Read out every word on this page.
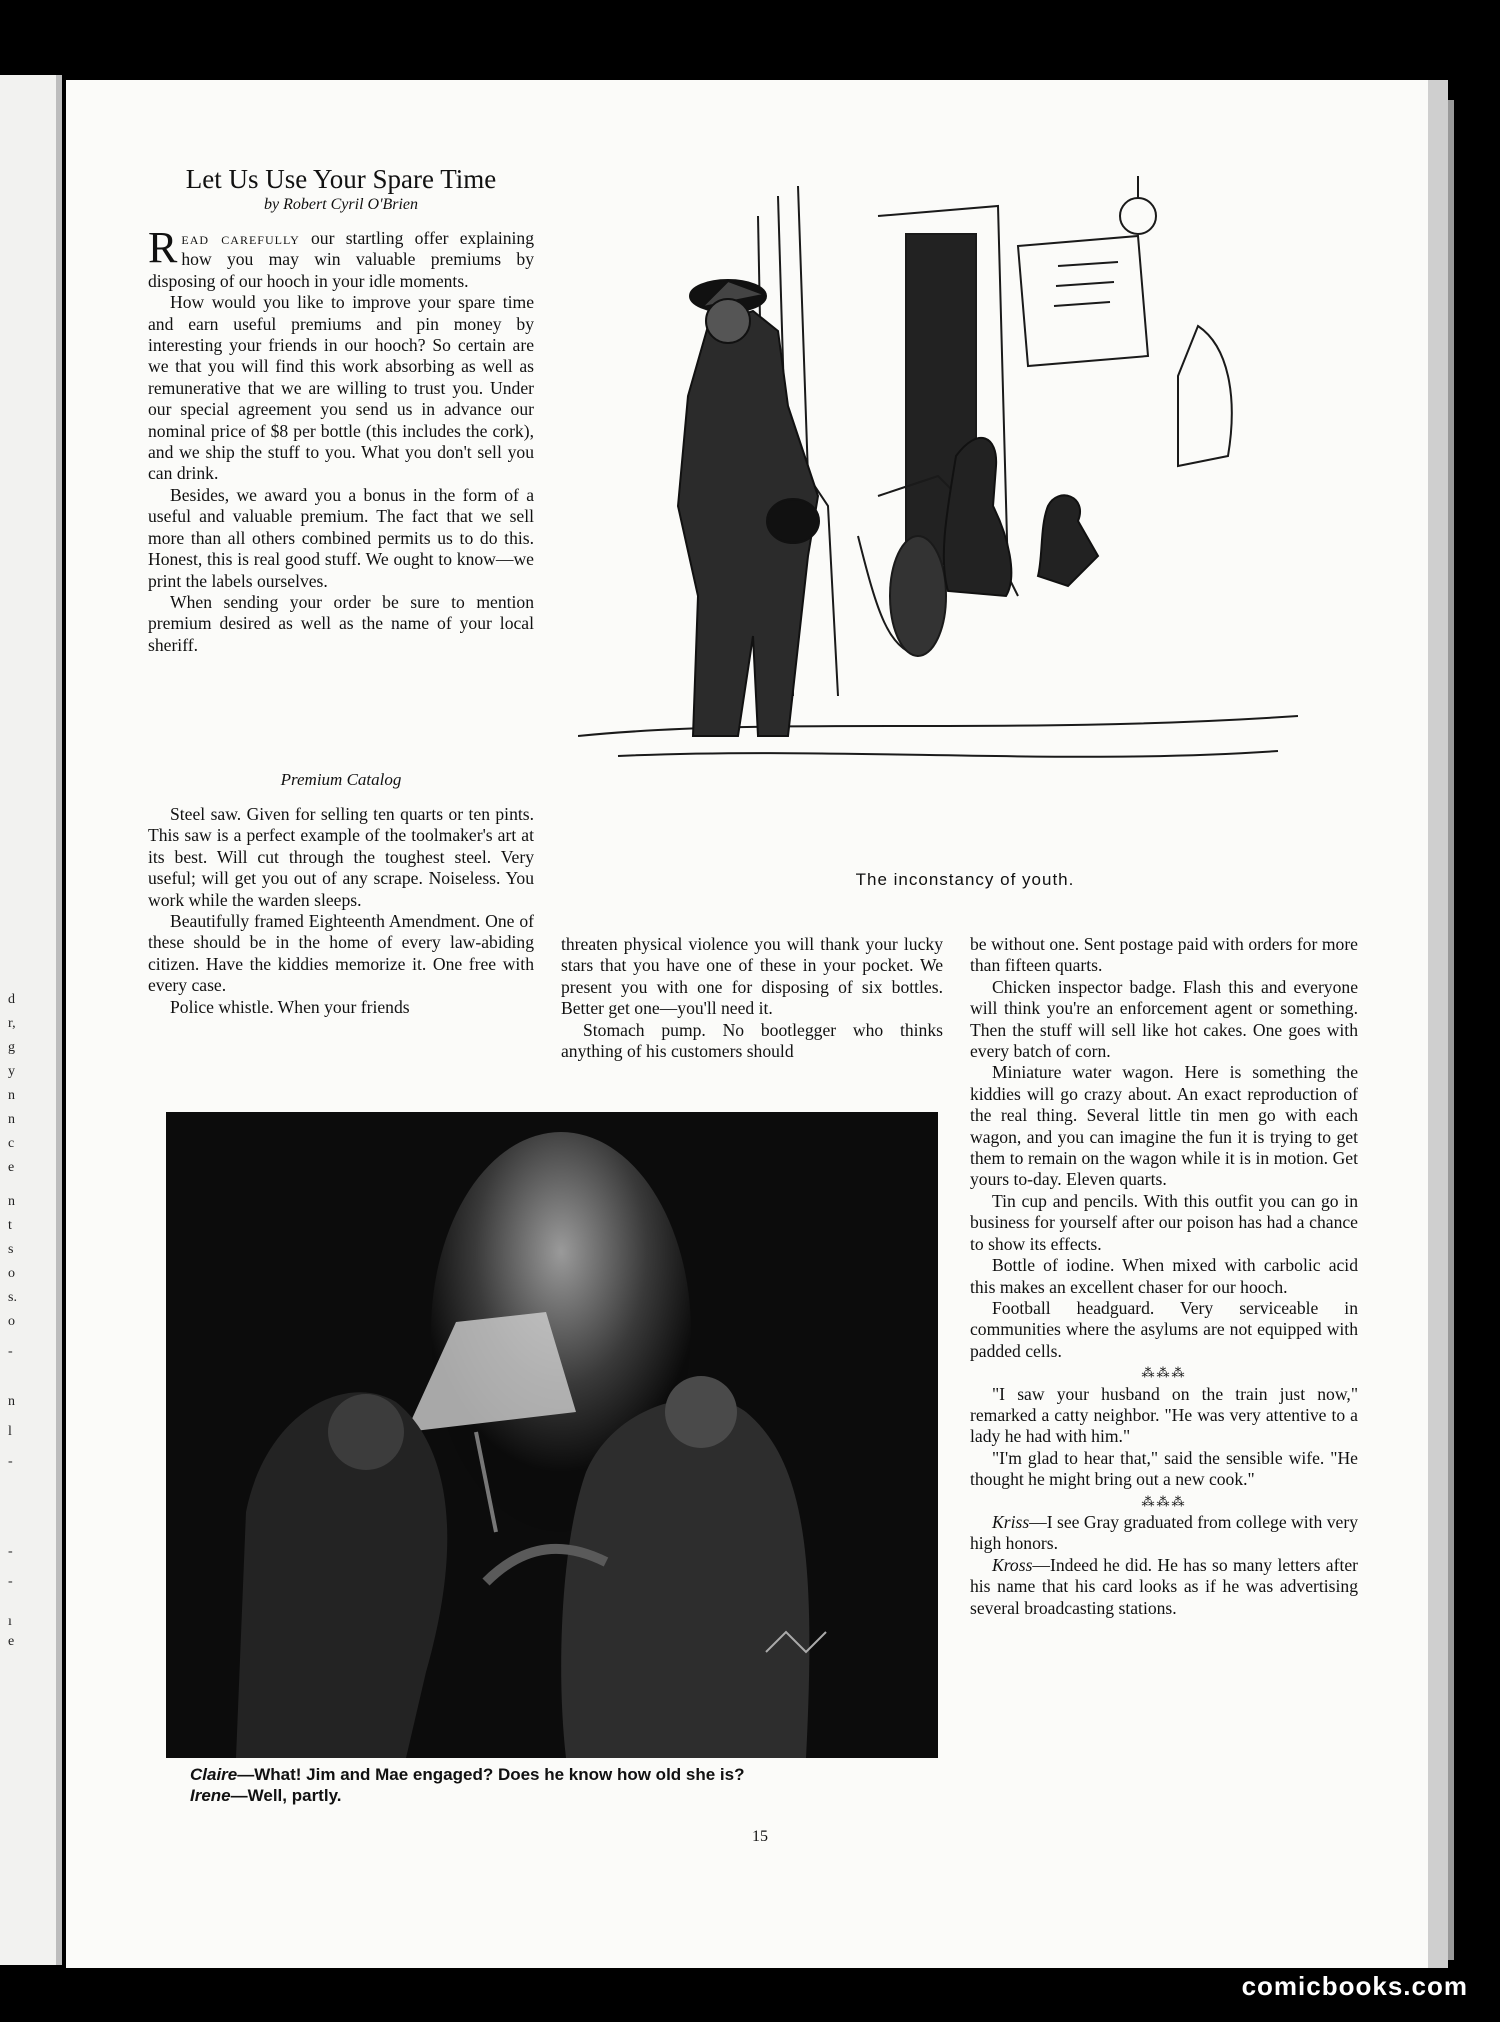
d
r,
g
y
n
n
c
e
n
t
s
o
s.
o
-
n
l
-
-
-
ı
e
Let Us Use Your Spare Time
by Robert Cyril O'Brien

Read carefully our startling offer explaining how you may win valuable premiums by disposing of our hooch in your idle moments.

How would you like to improve your spare time and earn useful premiums and pin money by interesting your friends in our hooch? So certain are we that you will find this work absorbing as well as remunerative that we are willing to trust you. Under our special agreement you send us in advance our nominal price of $8 per bottle (this includes the cork), and we ship the stuff to you. What you don't sell you can drink.

Besides, we award you a bonus in the form of a useful and valuable premium. The fact that we sell more than all others combined permits us to do this. Honest, this is real good stuff. We ought to know—we print the labels ourselves.

When sending your order be sure to mention premium desired as well as the name of your local sheriff.

Premium Catalog

Steel saw. Given for selling ten quarts or ten pints. This saw is a perfect example of the toolmaker's art at its best. Will cut through the toughest steel. Very useful; will get you out of any scrape. Noiseless. You work while the warden sleeps.

Beautifully framed Eighteenth Amendment. One of these should be in the home of every law-abiding citizen. Have the kiddies memorize it. One free with every case.

Police whistle. When your friends

threaten physical violence you will thank your lucky stars that you have one of these in your pocket. We present you with one for disposing of six bottles. Better get one—you'll need it.

Stomach pump. No bootlegger who thinks anything of his customers should

be without one. Sent postage paid with orders for more than fifteen quarts.

Chicken inspector badge. Flash this and everyone will think you're an enforcement agent or something. Then the stuff will sell like hot cakes. One goes with every batch of corn.

Miniature water wagon. Here is something the kiddies will go crazy about. An exact reproduction of the real thing. Several little tin men go with each wagon, and you can imagine the fun it is trying to get them to remain on the wagon while it is in motion. Get yours to-day. Eleven quarts.

Tin cup and pencils. With this outfit you can go in business for yourself after our poison has had a chance to show its effects.

Bottle of iodine. When mixed with carbolic acid this makes an excellent chaser for our hooch.

Football headguard. Very serviceable in communities where the asylums are not equipped with padded cells.

⁂⁂⁂

"I saw your husband on the train just now," remarked a catty neighbor. "He was very attentive to a lady he had with him."

"I'm glad to hear that," said the sensible wife. "He thought he might bring out a new cook."

⁂⁂⁂

Kriss—I see Gray graduated from college with very high honors.

Kross—Indeed he did. He has so many letters after his name that his card looks as if he was advertising several broadcasting stations.

The inconstancy of youth.
Claire—What! Jim and Mae engaged? Does he know how old she is?
Irene—Well, partly.
15
comicbooks.com
